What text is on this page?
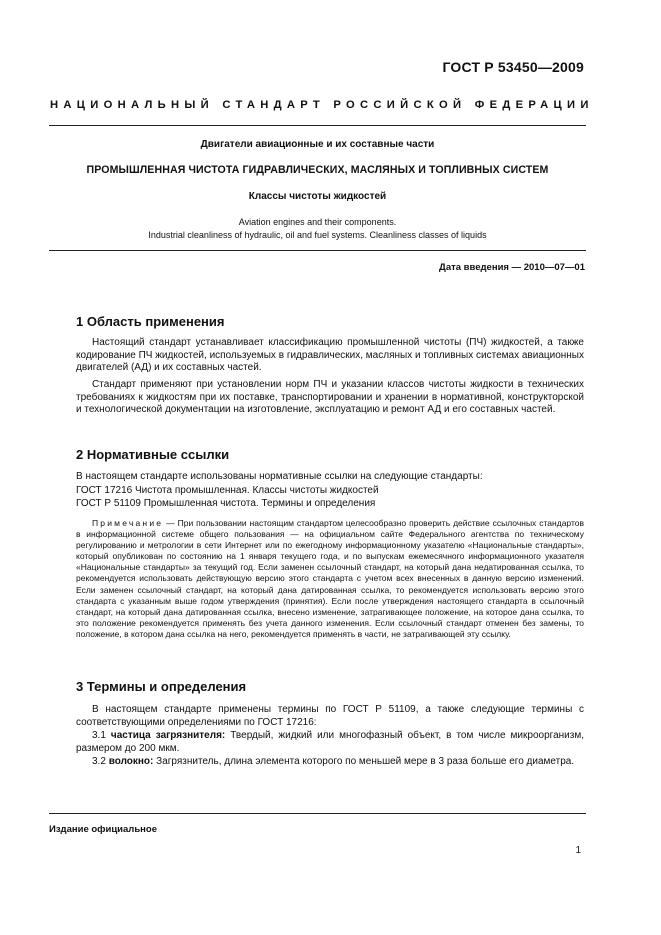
ГОСТ Р 53450—2009
НАЦИОНАЛЬНЫЙ СТАНДАРТ РОССИЙСКОЙ ФЕДЕРАЦИИ
Двигатели авиационные и их составные части
ПРОМЫШЛЕННАЯ ЧИСТОТА ГИДРАВЛИЧЕСКИХ, МАСЛЯНЫХ И ТОПЛИВНЫХ СИСТЕМ
Классы чистоты жидкостей
Aviation engines and their components.
Industrial cleanliness of hydraulic, oil and fuel systems. Cleanliness classes of liquids
Дата введения — 2010—07—01
1 Область применения

Настоящий стандарт устанавливает классификацию промышленной чистоты (ПЧ) жидкостей, а также кодирование ПЧ жидкостей, используемых в гидравлических, масляных и топливных системах авиационных двигателей (АД) и их составных частей.

Стандарт применяют при установлении норм ПЧ и указании классов чистоты жидкости в технических требованиях к жидкостям при их поставке, транспортировании и хранении в нормативной, конструкторской и технологической документации на изготовление, эксплуатацию и ремонт АД и его составных частей.

2 Нормативные ссылки
В настоящем стандарте использованы нормативные ссылки на следующие стандарты:
ГОСТ 17216 Чистота промышленная. Классы чистоты жидкостей
ГОСТ Р 51109 Промышленная чистота. Термины и определения

Примечание — При пользовании настоящим стандартом целесообразно проверить действие ссылочных стандартов в информационной системе общего пользования — на официальном сайте Федерального агентства по техническому регулированию и метрологии в сети Интернет или по ежегодному информационному указателю «Национальные стандарты», который опубликован по состоянию на 1 января текущего года, и по выпускам ежемесячного информационного указателя «Национальные стандарты» за текущий год. Если заменен ссылочный стандарт, на который дана недатированная ссылка, то рекомендуется использовать действующую версию этого стандарта с учетом всех внесенных в данную версию изменений. Если заменен ссылочный стандарт, на который дана датированная ссылка, то рекомендуется использовать версию этого стандарта с указанным выше годом утверждения (принятия). Если после утверждения настоящего стандарта в ссылочный стандарт, на который дана датированная ссылка, внесено изменение, затрагивающее положение, на которое дана ссылка, то это положение рекомендуется применять без учета данного изменения. Если ссылочный стандарт отменен без замены, то положение, в котором дана ссылка на него, рекомендуется применять в части, не затрагивающей эту ссылку.

3 Термины и определения

В настоящем стандарте применены термины по ГОСТ Р 51109, а также следующие термины с соответствующими определениями по ГОСТ 17216:

3.1 частица загрязнителя: Твердый, жидкий или многофазный объект, в том числе микроорганизм, размером до 200 мкм.

3.2 волокно: Загрязнитель, длина элемента которого по меньшей мере в 3 раза больше его диаметра.

Издание официальное
1
